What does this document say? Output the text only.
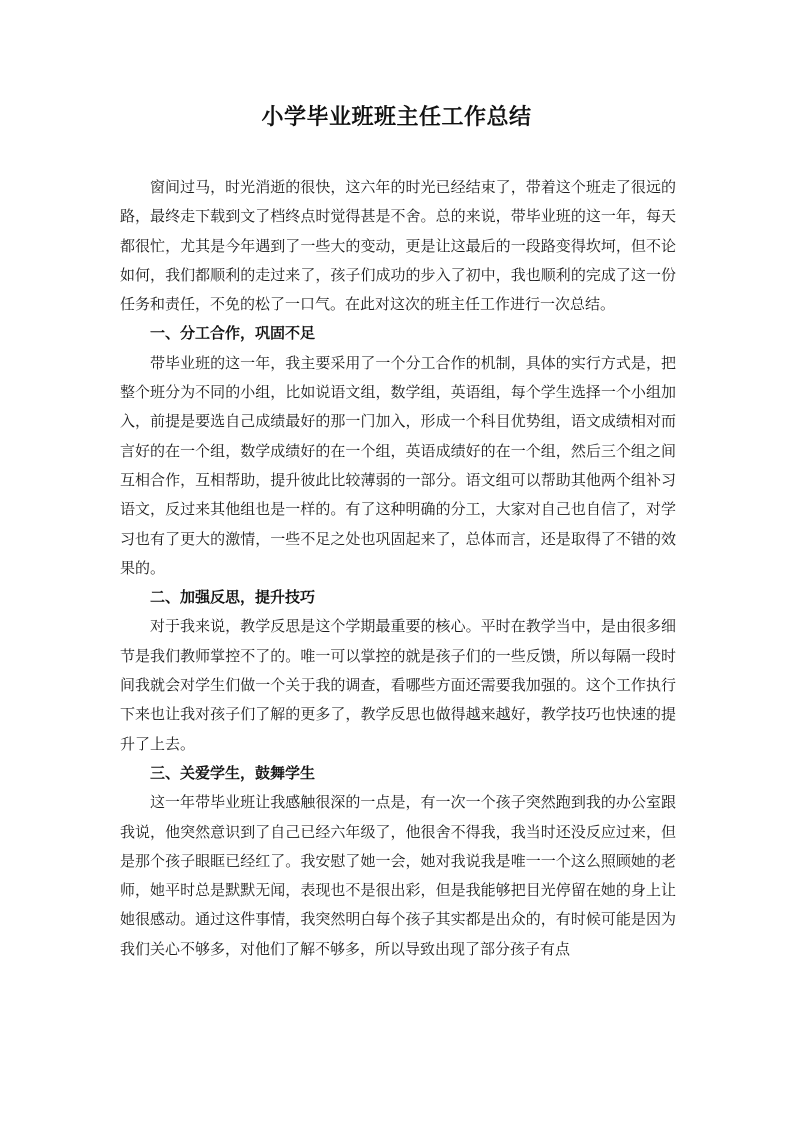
小学毕业班班主任工作总结

窗间过马，时光消逝的很快，这六年的时光已经结束了，带着这个班走了很远的路，最终走下载到文了档终点时觉得甚是不舍。总的来说，带毕业班的这一年，每天都很忙，尤其是今年遇到了一些大的变动，更是让这最后的一段路变得坎坷，但不论如何，我们都顺利的走过来了，孩子们成功的步入了初中，我也顺利的完成了这一份任务和责任，不免的松了一口气。在此对这次的班主任工作进行一次总结。

一、分工合作，巩固不足

带毕业班的这一年，我主要采用了一个分工合作的机制，具体的实行方式是，把整个班分为不同的小组，比如说语文组，数学组，英语组，每个学生选择一个小组加入，前提是要选自己成绩最好的那一门加入，形成一个科目优势组，语文成绩相对而言好的在一个组，数学成绩好的在一个组，英语成绩好的在一个组，然后三个组之间互相合作，互相帮助，提升彼此比较薄弱的一部分。语文组可以帮助其他两个组补习语文，反过来其他组也是一样的。有了这种明确的分工，大家对自己也自信了，对学习也有了更大的激情，一些不足之处也巩固起来了，总体而言，还是取得了不错的效果的。

二、加强反思，提升技巧

对于我来说，教学反思是这个学期最重要的核心。平时在教学当中，是由很多细节是我们教师掌控不了的。唯一可以掌控的就是孩子们的一些反馈，所以每隔一段时间我就会对学生们做一个关于我的调查，看哪些方面还需要我加强的。这个工作执行下来也让我对孩子们了解的更多了，教学反思也做得越来越好，教学技巧也快速的提升了上去。

三、关爱学生，鼓舞学生

这一年带毕业班让我感触很深的一点是，有一次一个孩子突然跑到我的办公室跟我说，他突然意识到了自己已经六年级了，他很舍不得我，我当时还没反应过来，但是那个孩子眼眶已经红了。我安慰了她一会，她对我说我是唯一一个这么照顾她的老师，她平时总是默默无闻，表现也不是很出彩，但是我能够把目光停留在她的身上让她很感动。通过这件事情，我突然明白每个孩子其实都是出众的，有时候可能是因为我们关心不够多，对他们了解不够多，所以导致出现了部分孩子有点
